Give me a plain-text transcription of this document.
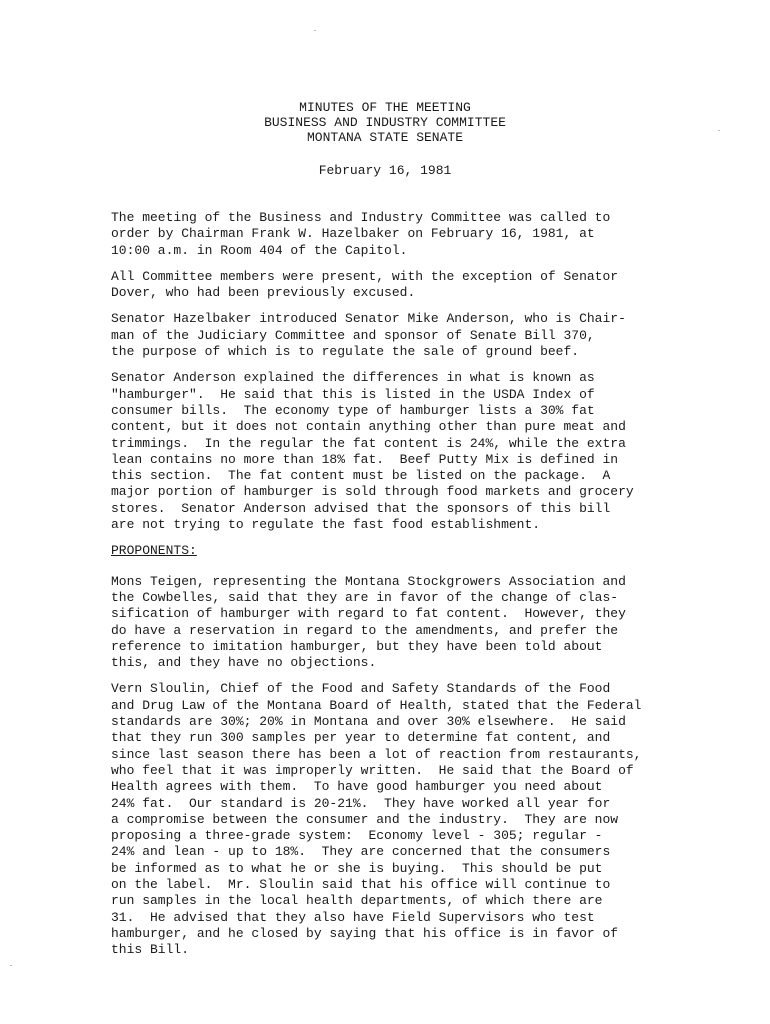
MINUTES OF THE MEETING
BUSINESS AND INDUSTRY COMMITTEE
MONTANA STATE SENATE
February 16, 1981
The meeting of the Business and Industry Committee was called to
order by Chairman Frank W. Hazelbaker on February 16, 1981, at
10:00 a.m. in Room 404 of the Capitol.
All Committee members were present, with the exception of Senator
Dover, who had been previously excused.
Senator Hazelbaker introduced Senator Mike Anderson, who is Chair-
man of the Judiciary Committee and sponsor of Senate Bill 370,
the purpose of which is to regulate the sale of ground beef.
Senator Anderson explained the differences in what is known as
"hamburger".  He said that this is listed in the USDA Index of
consumer bills.  The economy type of hamburger lists a 30% fat
content, but it does not contain anything other than pure meat and
trimmings.  In the regular the fat content is 24%, while the extra
lean contains no more than 18% fat.  Beef Putty Mix is defined in
this section.  The fat content must be listed on the package.  A
major portion of hamburger is sold through food markets and grocery
stores.  Senator Anderson advised that the sponsors of this bill
are not trying to regulate the fast food establishment.
PROPONENTS:
Mons Teigen, representing the Montana Stockgrowers Association and
the Cowbelles, said that they are in favor of the change of clas-
sification of hamburger with regard to fat content.  However, they
do have a reservation in regard to the amendments, and prefer the
reference to imitation hamburger, but they have been told about
this, and they have no objections.
Vern Sloulin, Chief of the Food and Safety Standards of the Food
and Drug Law of the Montana Board of Health, stated that the Federal
standards are 30%; 20% in Montana and over 30% elsewhere.  He said
that they run 300 samples per year to determine fat content, and
since last season there has been a lot of reaction from restaurants,
who feel that it was improperly written.  He said that the Board of
Health agrees with them.  To have good hamburger you need about
24% fat.  Our standard is 20-21%.  They have worked all year for
a compromise between the consumer and the industry.  They are now
proposing a three-grade system:  Economy level - 305; regular -
24% and lean - up to 18%.  They are concerned that the consumers
be informed as to what he or she is buying.  This should be put
on the label.  Mr. Sloulin said that his office will continue to
run samples in the local health departments, of which there are
31.  He advised that they also have Field Supervisors who test
hamburger, and he closed by saying that his office is in favor of
this Bill.
